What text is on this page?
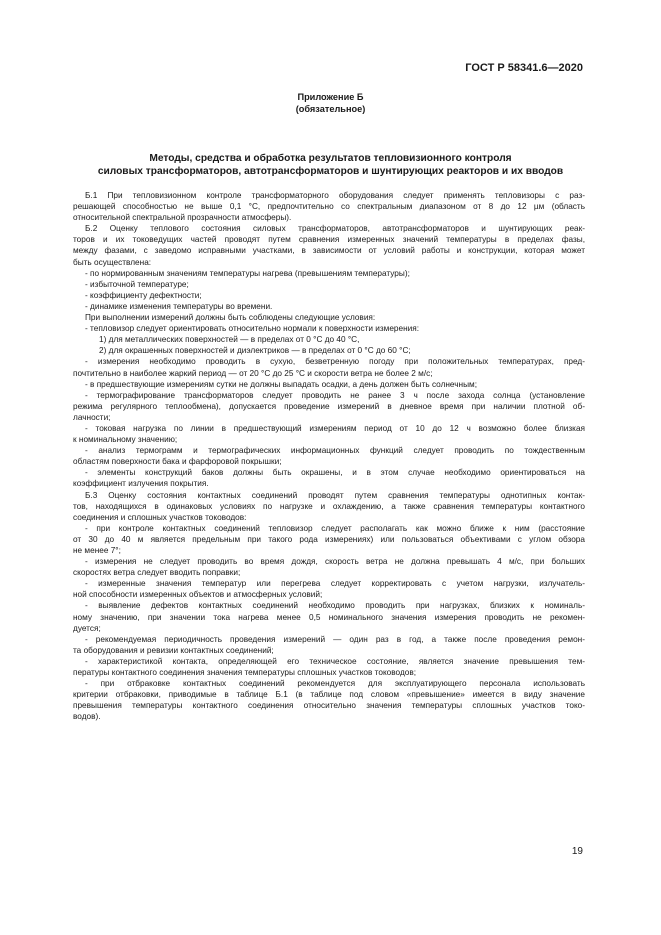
ГОСТ Р 58341.6—2020
Приложение Б
(обязательное)
Методы, средства и обработка результатов тепловизионного контроля
силовых трансформаторов, автотрансформаторов и шунтирующих реакторов и их вводов
Б.1 При тепловизионном контроле трансформаторного оборудования следует применять тепловизоры с раз-
решающей способностью не выше 0,1 °C, предпочтительно со спектральным диапазоном от 8 до 12 µм (область
относительной спектральной прозрачности атмосферы).
Б.2 Оценку теплового состояния силовых трансформаторов, автотрансформаторов и шунтирующих реак-
торов и их токоведущих частей проводят путем сравнения измеренных значений температуры в пределах фазы,
между фазами, с заведомо исправными участками, в зависимости от условий работы и конструкции, которая может
быть осуществлена:
- по нормированным значениям температуры нагрева (превышениям температуры);
- избыточной температуре;
- коэффициенту дефектности;
- динамике изменения температуры во времени.
При выполнении измерений должны быть соблюдены следующие условия:
- тепловизор следует ориентировать относительно нормали к поверхности измерения:
1) для металлических поверхностей — в пределах от 0 °C до 40 °C,
2) для окрашенных поверхностей и диэлектриков — в пределах от 0 °C до 60 °C;
- измерения необходимо проводить в сухую, безветренную погоду при положительных температурах, пред-
почтительно в наиболее жаркий период — от 20 °C до 25 °C и скорости ветра не более 2 м/с;
- в предшествующие измерениям сутки не должны выпадать осадки, а день должен быть солнечным;
- термографирование трансформаторов следует проводить не ранее 3 ч после захода солнца (установление
режима регулярного теплообмена), допускается проведение измерений в дневное время при наличии плотной об-
лачности;
- токовая нагрузка по линии в предшествующий измерениям период от 10 до 12 ч возможно более близкая
к номинальному значению;
- анализ термограмм и термографических информационных функций следует проводить по тождественным
областям поверхности бака и фарфоровой покрышки;
- элементы конструкций баков должны быть окрашены, и в этом случае необходимо ориентироваться на
коэффициент излучения покрытия.
Б.3 Оценку состояния контактных соединений проводят путем сравнения температуры однотипных контак-
тов, находящихся в одинаковых условиях по нагрузке и охлаждению, а также сравнения температуры контактного
соединения и сплошных участков тоководов:
- при контроле контактных соединений тепловизор следует располагать как можно ближе к ним (расстояние
от 30 до 40 м является предельным при такого рода измерениях) или пользоваться объективами с углом обзора
не менее 7°;
- измерения не следует проводить во время дождя, скорость ветра не должна превышать 4 м/с, при больших
скоростях ветра следует вводить поправки;
- измеренные значения температур или перегрева следует корректировать с учетом нагрузки, излучатель-
ной способности измеренных объектов и атмосферных условий;
- выявление дефектов контактных соединений необходимо проводить при нагрузках, близких к номиналь-
ному значению, при значении тока нагрева менее 0,5 номинального значения измерения проводить не рекомен-
дуется;
- рекомендуемая периодичность проведения измерений — один раз в год, а также после проведения ремон-
та оборудования и ревизии контактных соединений;
- характеристикой контакта, определяющей его техническое состояние, является значение превышения тем-
пературы контактного соединения значения температуры сплошных участков тоководов;
- при отбраковке контактных соединений рекомендуется для эксплуатирующего персонала использовать
критерии отбраковки, приводимые в таблице Б.1 (в таблице под словом «превышение» имеется в виду значение
превышения температуры контактного соединения относительно значения температуры сплошных участков токо-
водов).
19
